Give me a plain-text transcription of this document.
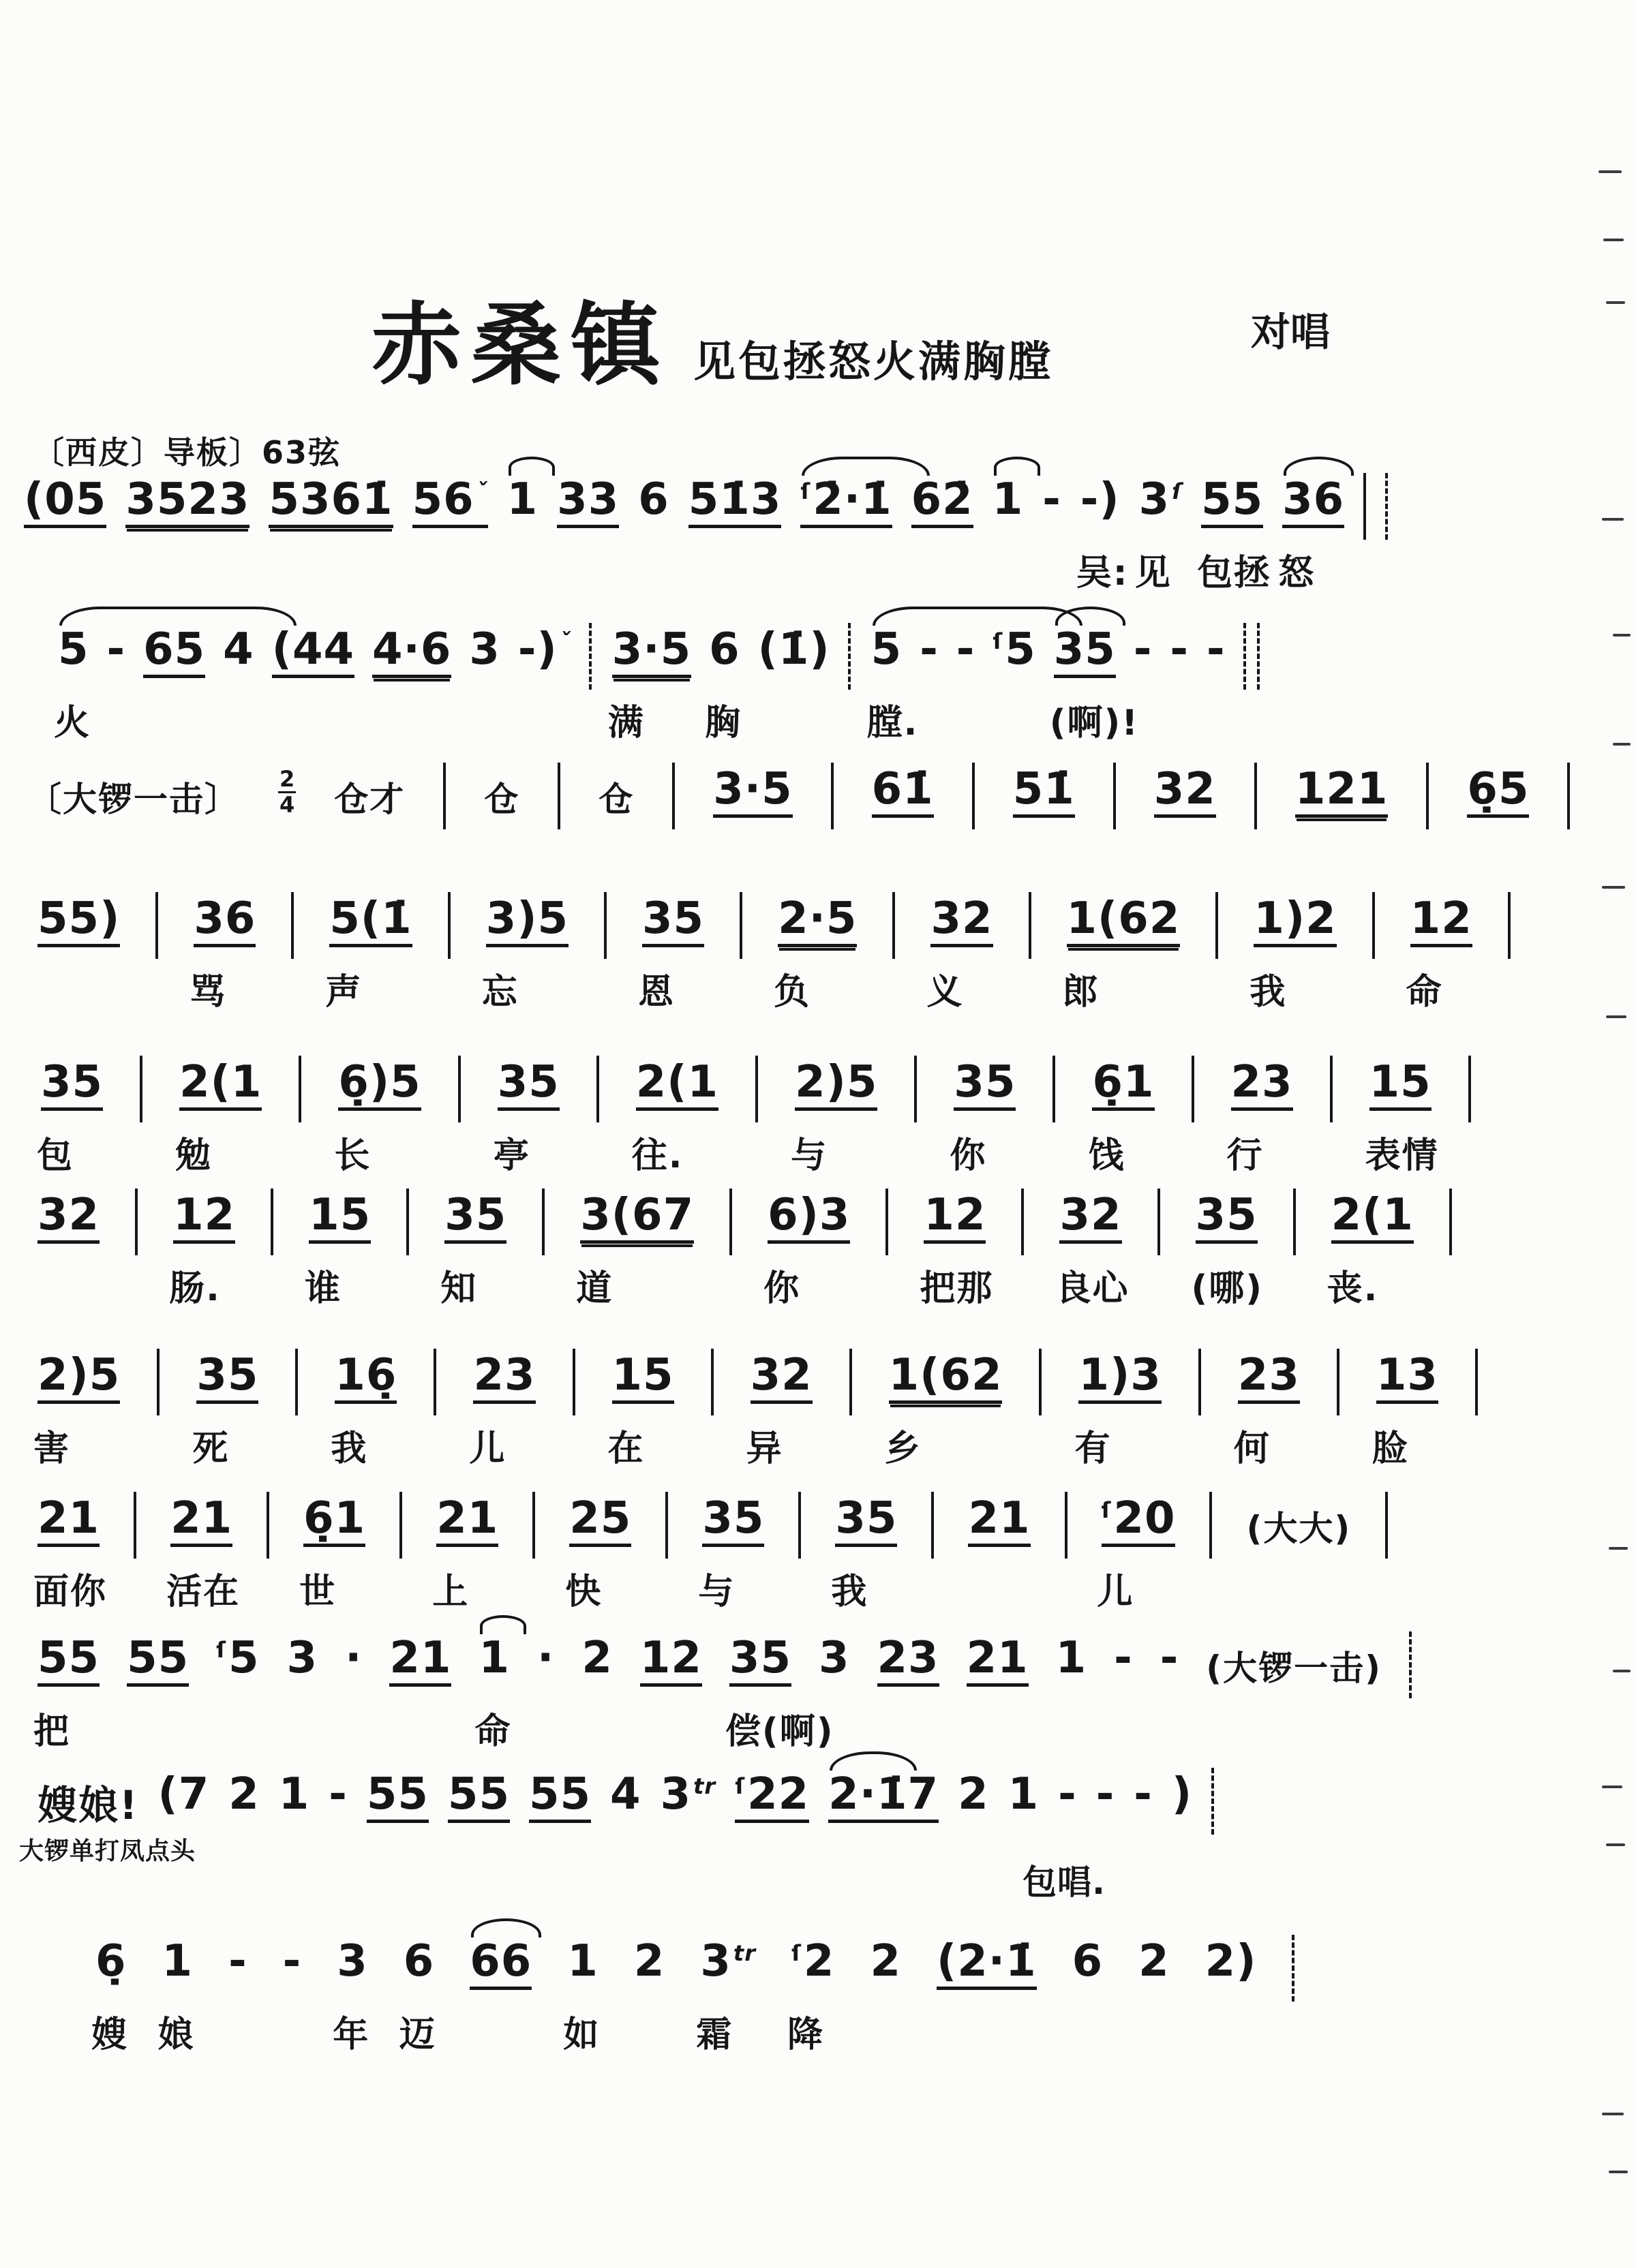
赤桑镇 见包拯怒火满胸膛
对唱
〔西皮〕导板〕63弦
(05 3523 5361̇ $56^ˇ$ 1 33 6 51̇3 $^ſ$2̇·1̇ 62̇ 1 - -)
吴:
$3^ſ$
见
55
包拯
36
怒
5
火
- 65 4 (44 4·6 3 -)$^ˇ$ 3·5
满
6
胸
(1̇) 5
膛.
- - $^ſ$5 35
(啊)!
- - -
〔大锣一击〕 $\frac{2}{4}$ 仓才 仓 仓 3·5 61̇ 51̇ 32 121 6̣5
55) 36
骂
5(1̇
声
3)5
忘
35
恩
2·5
负
32
义
1(62
郎
1)2
我
12
命
35
包
2(1
勉
6̣)5
长
35
亭
2(1
往.
2)5
与
35
你
6̣1
饯
23
行
15
表情
32 12
肠.
15
谁
35
知
3(67
道
6)3
你
12
把那
32
良心
35
(哪)
2(1
丧.
2)5
害
35
死
16̣
我
23
儿
15
在
32
异
1(62
乡
1)3
有
23
何
13
脸
21
面你
21
活在
6̣1
世
21
上
25
快
35
与
35
我
21	$^ſ$20
儿
(大大)
55
把
55 $^ſ$5 3 · 21 1
命
· 2 12 35
偿(啊)
3 23 21 1 - - (大锣一击)
嫂娘! (7 2 1 - 55 55 55 4 $3^{tr}$ $^ſ$22 2·1̇7 2 1 - - - )
6̣
嫂
1
娘
- - 3
年
6
迈
66 1
如
2 $3^{tr}$
霜
$^ſ$2
降
2 (2·1̇ 6 2 2)
大锣单打凤点头
包唱.
